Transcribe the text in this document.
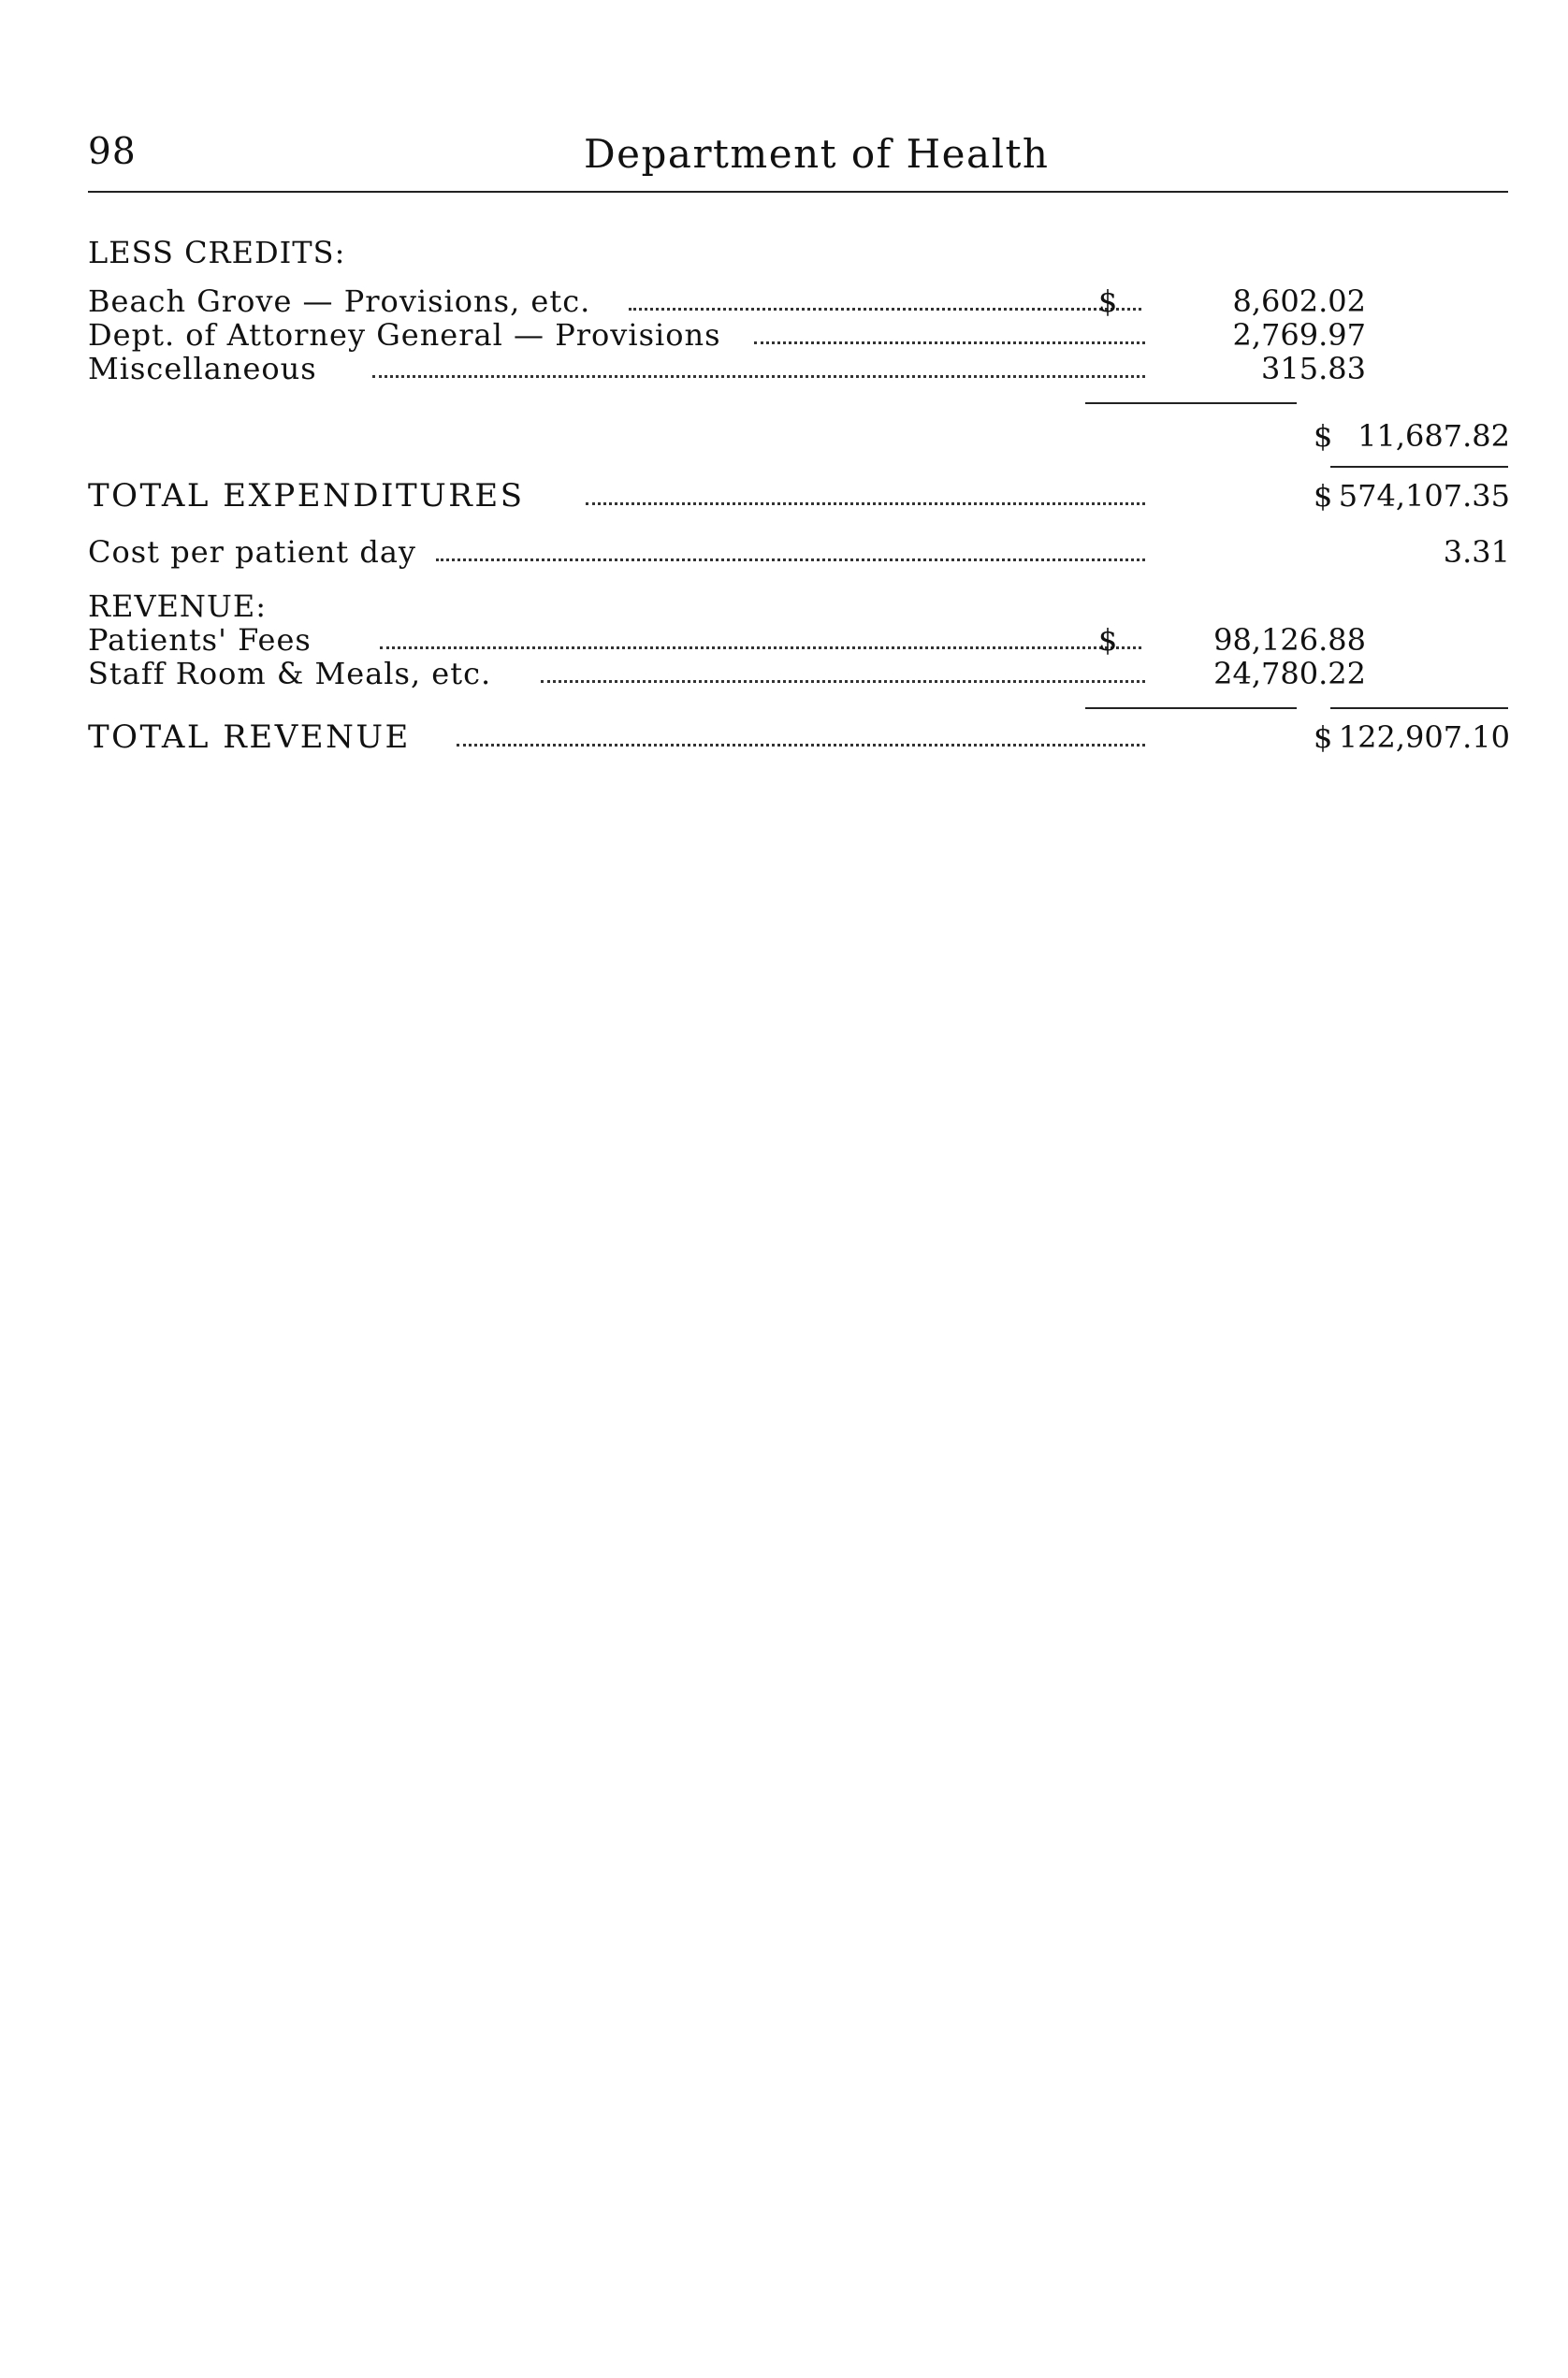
98	Department of Health
LESS CREDITS:
Beach Grove — Provisions, etc.	$	8,602.02
Dept. of Attorney General — Provisions	2,769.97
Miscellaneous	315.83
$ 11,687.82
TOTAL EXPENDITURES	$ 574,107.35
Cost per patient day	3.31
REVENUE:
Patients' Fees	$	98,126.88
Staff Room & Meals, etc.	24,780.22
TOTAL REVENUE	$ 122,907.10
